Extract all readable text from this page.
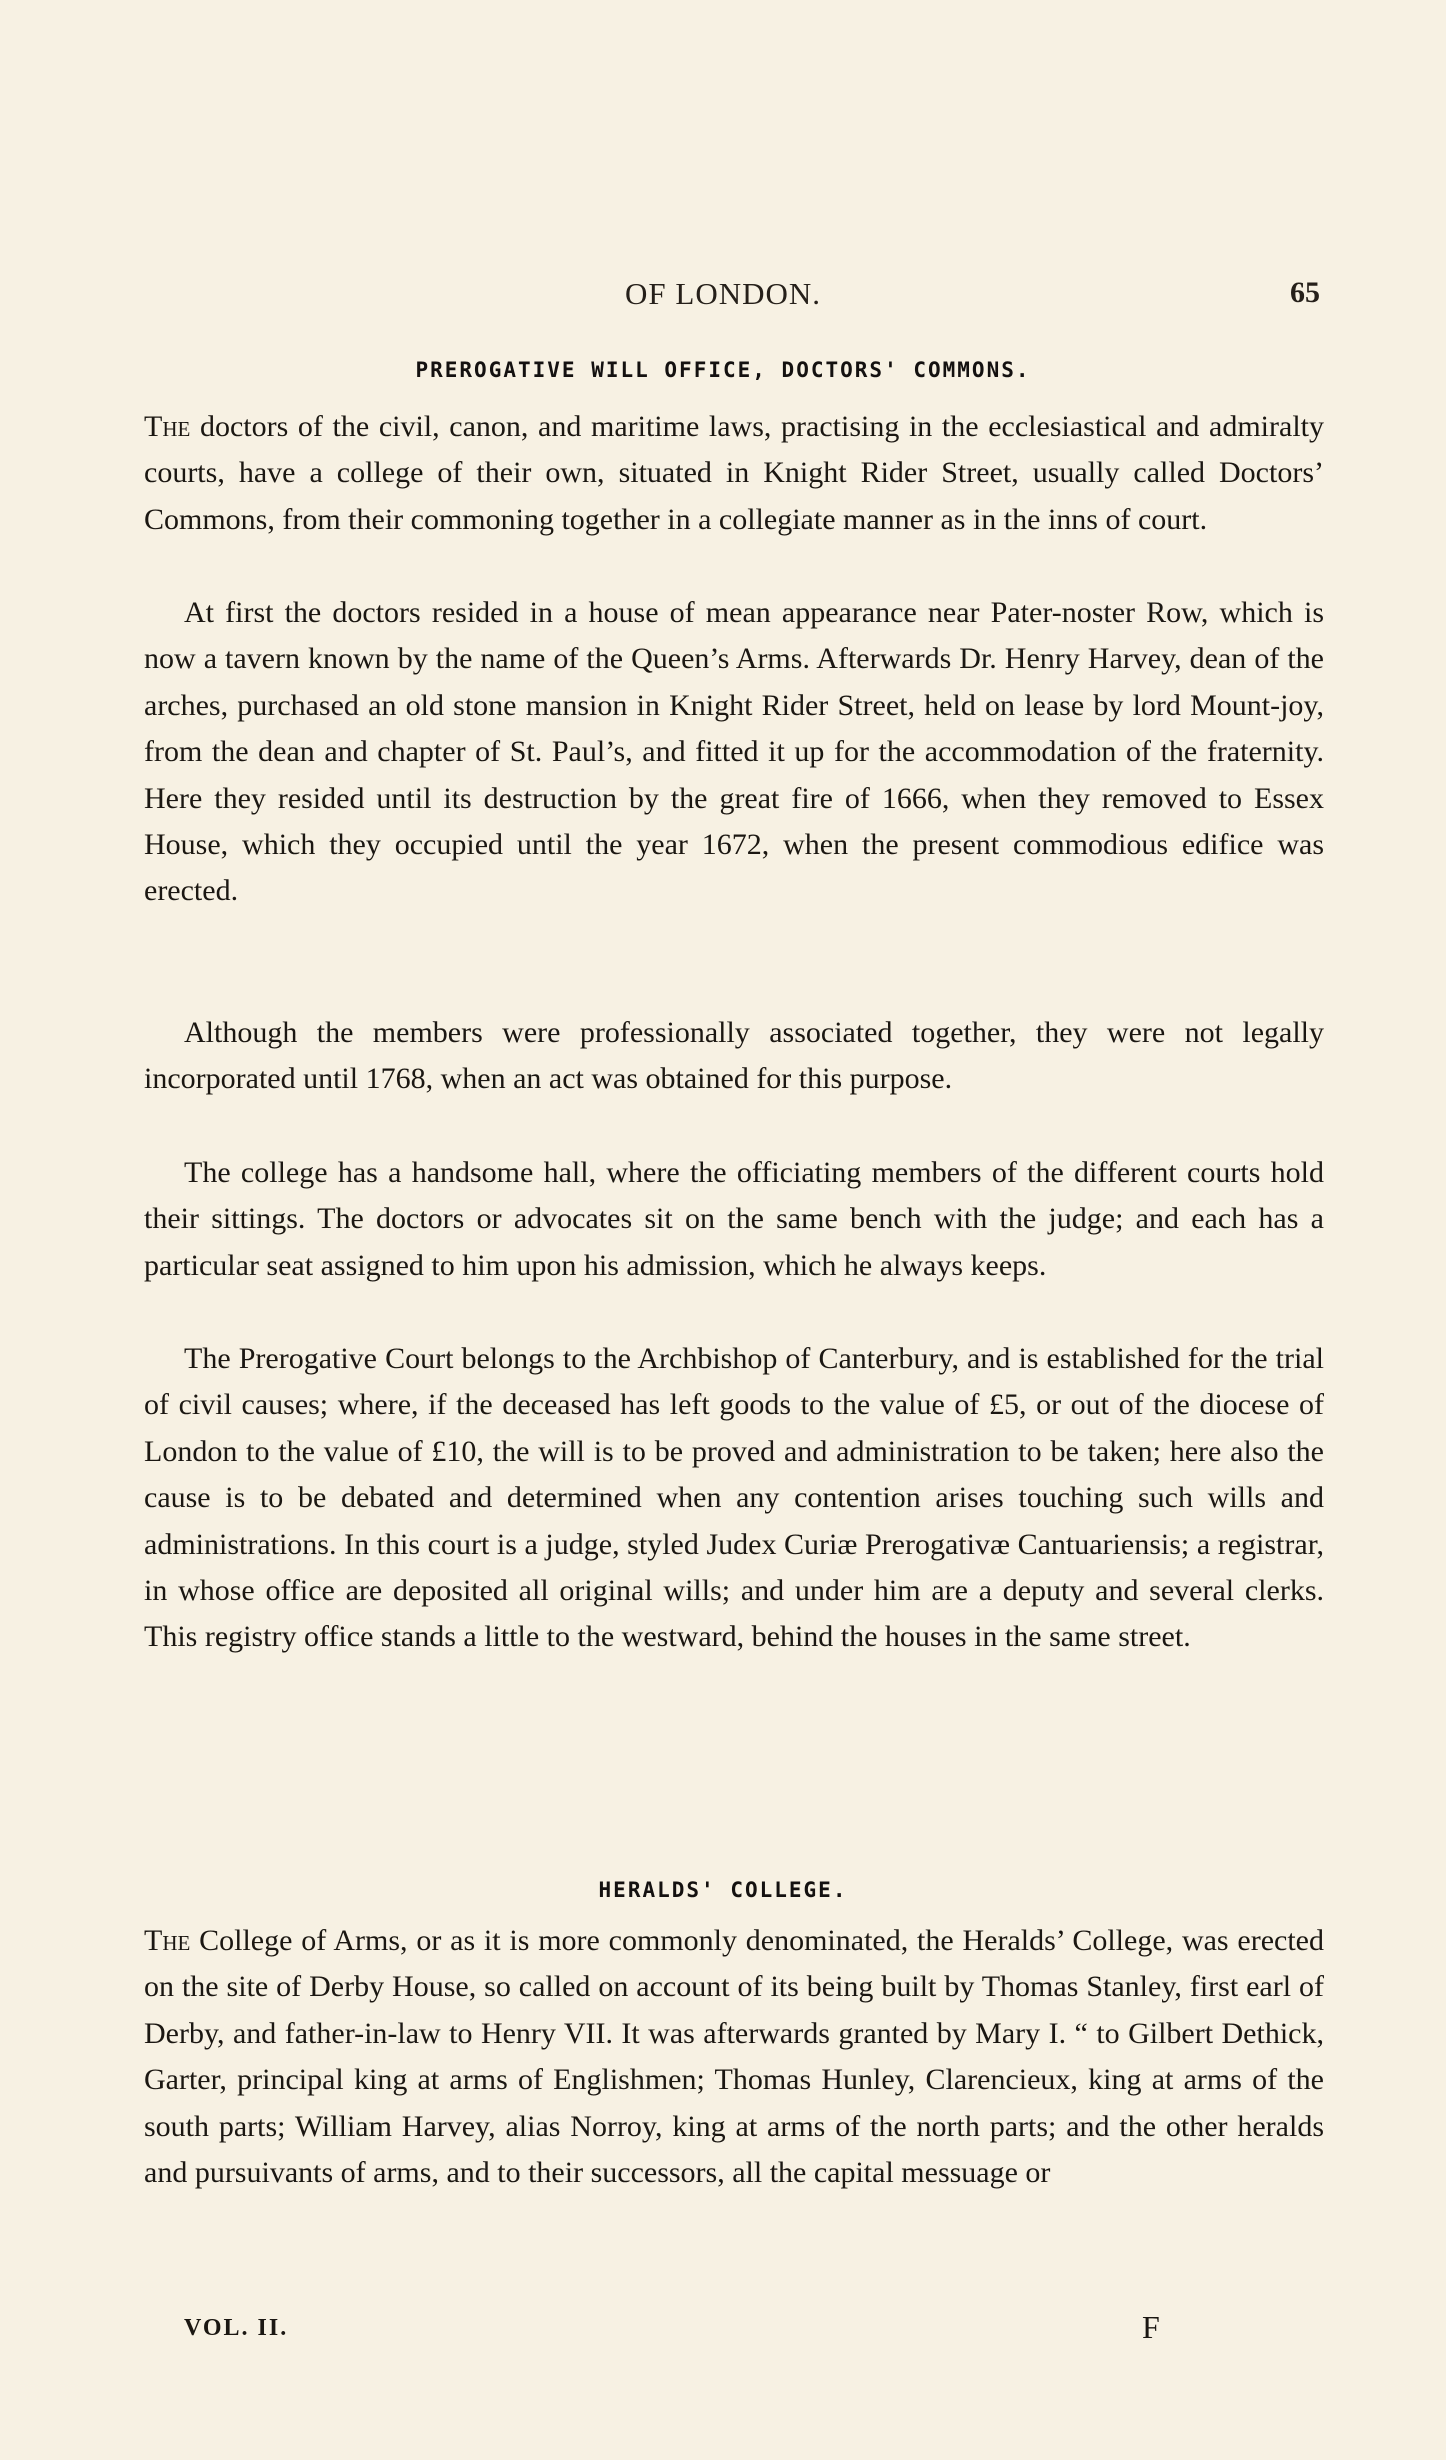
OF LONDON.	65
PREROGATIVE WILL OFFICE, DOCTORS' COMMONS.

The doctors of the civil, canon, and maritime laws, practising in the ecclesiastical and admiralty courts, have a college of their own, situated in Knight Rider Street, usually called Doctors’ Commons, from their commoning together in a collegiate manner as in the inns of court.

At first the doctors resided in a house of mean appearance near Pater-noster Row, which is now a tavern known by the name of the Queen’s Arms. Afterwards Dr. Henry Harvey, dean of the arches, purchased an old stone mansion in Knight Rider Street, held on lease by lord Mount-joy, from the dean and chapter of St. Paul’s, and fitted it up for the accommodation of the fraternity. Here they resided until its destruction by the great fire of 1666, when they removed to Essex House, which they occupied until the year 1672, when the present commodious edifice was erected.

Although the members were professionally associated together, they were not legally incorporated until 1768, when an act was obtained for this purpose.

The college has a handsome hall, where the officiating members of the different courts hold their sittings. The doctors or advocates sit on the same bench with the judge; and each has a particular seat assigned to him upon his admission, which he always keeps.

The Prerogative Court belongs to the Archbishop of Canterbury, and is established for the trial of civil causes; where, if the deceased has left goods to the value of £5, or out of the diocese of London to the value of £10, the will is to be proved and administration to be taken; here also the cause is to be debated and determined when any contention arises touching such wills and administrations. In this court is a judge, styled Judex Curiæ Prerogativæ Cantuariensis; a registrar, in whose office are deposited all original wills; and under him are a deputy and several clerks. This registry office stands a little to the westward, behind the houses in the same street.

HERALDS' COLLEGE.

The College of Arms, or as it is more commonly denominated, the Heralds’ College, was erected on the site of Derby House, so called on account of its being built by Thomas Stanley, first earl of Derby, and father-in-law to Henry VII. It was afterwards granted by Mary I. “ to Gilbert Dethick, Garter, principal king at arms of Englishmen; Thomas Hunley, Clarencieux, king at arms of the south parts; William Harvey, alias Norroy, king at arms of the north parts; and the other heralds and pursuivants of arms, and to their successors, all the capital messuage or

VOL. II.	F
